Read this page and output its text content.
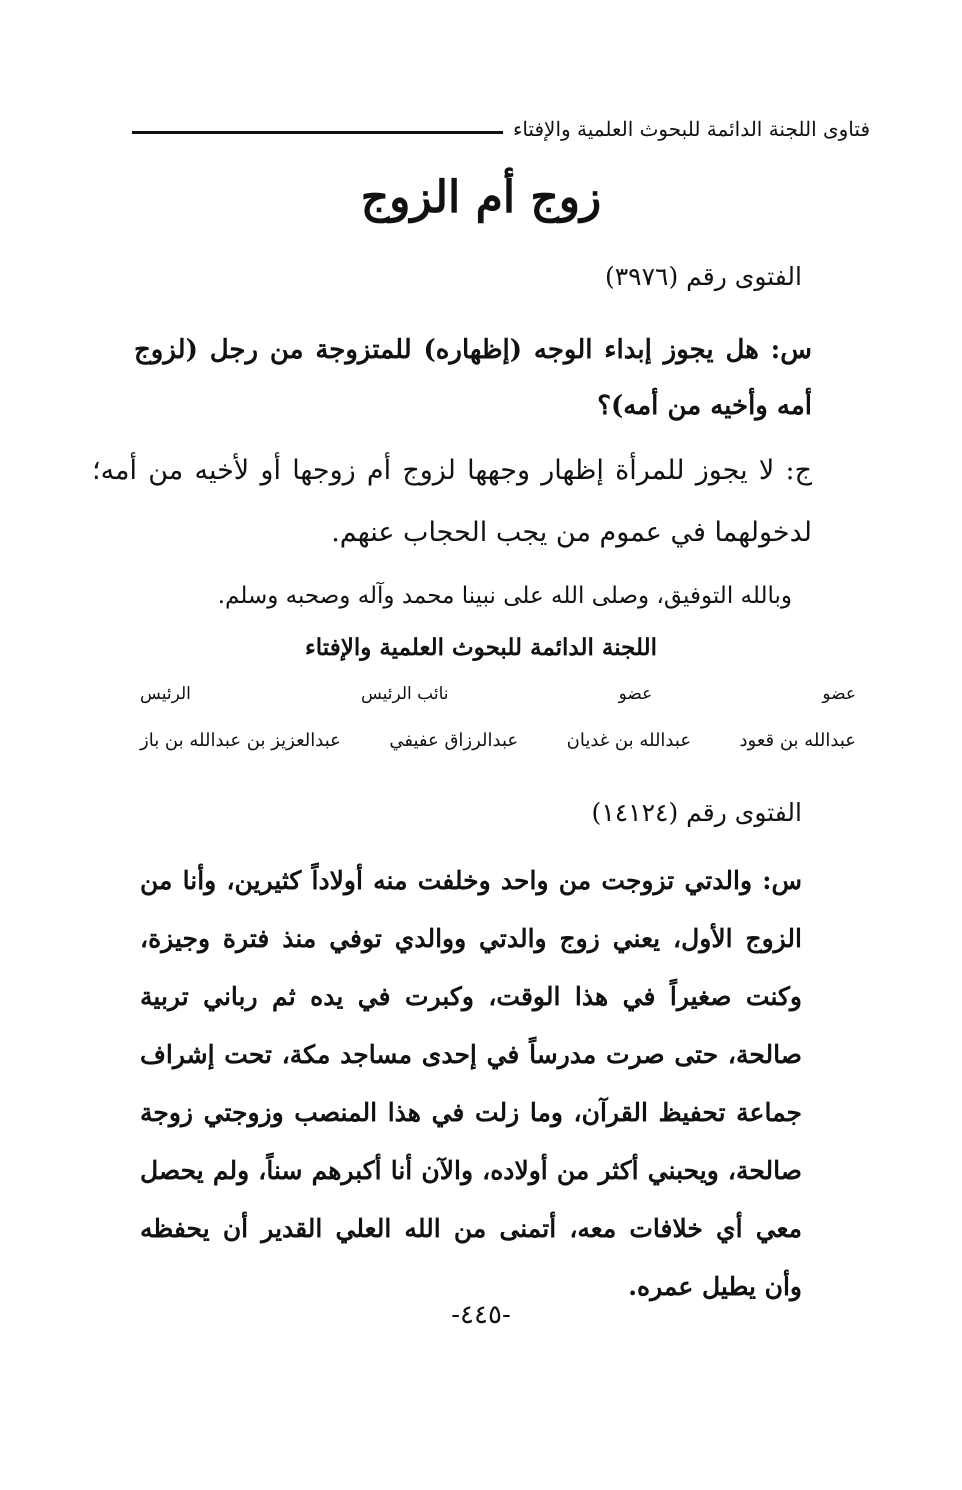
فتاوى اللجنة الدائمة للبحوث العلمية والإفتاء
زوج أم الزوج
الفتوى رقم (٣٩٧٦)
س: هل يجوز إبداء الوجه (إظهاره) للمتزوجة من رجل (لزوج أمه وأخيه من أمه)؟
ج: لا يجوز للمرأة إظهار وجهها لزوج أم زوجها أو لأخيه من أمه؛ لدخولهما في عموم من يجب الحجاب عنهم.
وبالله التوفيق، وصلى الله على نبينا محمد وآله وصحبه وسلم.
اللجنة الدائمة للبحوث العلمية والإفتاء
عضو
عضو
نائب الرئيس
الرئيس
عبدالله بن قعود
عبدالله بن غديان
عبدالرزاق عفيفي
عبدالعزيز بن عبدالله بن باز
الفتوى رقم (١٤١٢٤)
س: والدتي تزوجت من واحد وخلفت منه أولاداً كثيرين، وأنا من الزوج الأول، يعني زوج والدتي ووالدي توفي منذ فترة وجيزة، وكنت صغيراً في هذا الوقت، وكبرت في يده ثم رباني تربية صالحة، حتى صرت مدرساً في إحدى مساجد مكة، تحت إشراف جماعة تحفيظ القرآن، وما زلت في هذا المنصب وزوجتي زوجة صالحة، ويحبني أكثر من أولاده، والآن أنا أكبرهم سناً، ولم يحصل معي أي خلافات معه، أتمنى من الله العلي القدير أن يحفظه وأن يطيل عمره.
-٤٤٥-
